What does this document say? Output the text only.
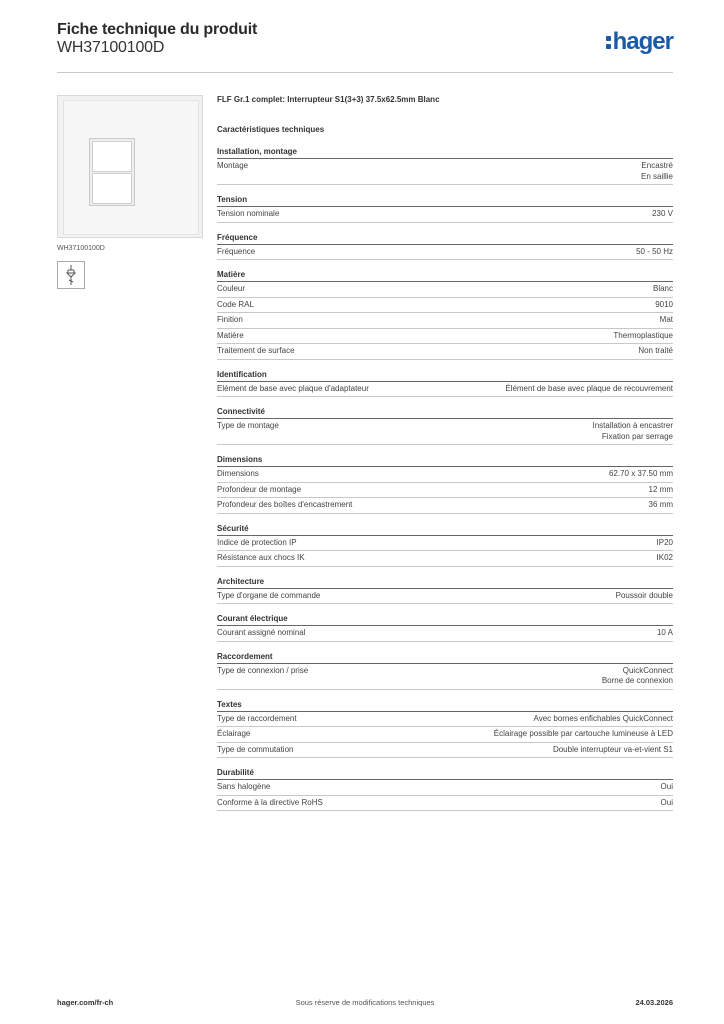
Fiche technique du produit
WH37100100D	hager
WH37100100D
FLF Gr.1 complet: Interrupteur S1(3+3) 37.5x62.5mm Blanc
Caractéristiques techniques
Installation, montage
Montage	Encastré
En saillie
Tension
Tension nominale	230 V
Fréquence
Fréquence	50 - 50 Hz
Matière
Couleur	Blanc
Code RAL	9010
Finition	Mat
Matière	Thermoplastique
Traitement de surface	Non traité
Identification
Elément de base avec plaque d'adaptateur	Élément de base avec plaque de recouvrement
Connectivité
Type de montage	Installation à encastrer
Fixation par serrage
Dimensions
Dimensions	62.70 x 37.50 mm
Profondeur de montage	12 mm
Profondeur des boîtes d'encastrement	36 mm
Sécurité
Indice de protection IP	IP20
Résistance aux chocs IK	IK02
Architecture
Type d'organe de commande	Poussoir double
Courant électrique
Courant assigné nominal	10 A
Raccordement
Type de connexion / prise	QuickConnect
Borne de connexion
Textes
Type de raccordement	Avec bornes enfichables QuickConnect
Éclairage	Éclairage possible par cartouche lumineuse à LED
Type de commutation	Double interrupteur va-et-vient S1
Durabilité
Sans halogène	Oui
Conforme à la directive RoHS	Oui
hager.com/fr-ch	Sous réserve de modifications techniques	24.03.2026
